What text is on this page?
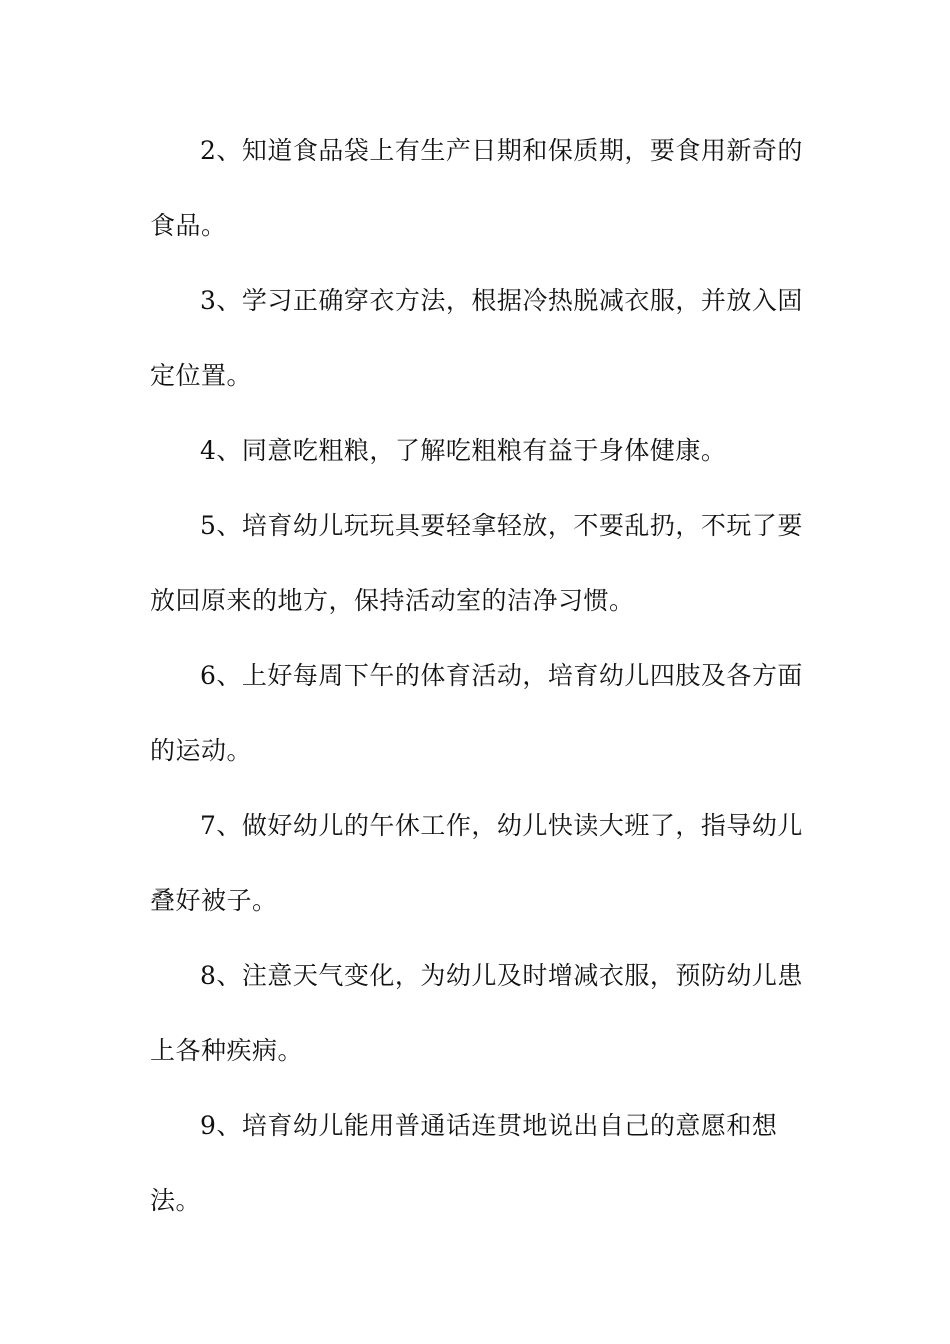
2、知道食品袋上有生产日期和保质期，要食用新奇的食品。

3、学习正确穿衣方法，根据冷热脱减衣服，并放入固定位置。

4、同意吃粗粮，了解吃粗粮有益于身体健康。

5、培育幼儿玩玩具要轻拿轻放，不要乱扔，不玩了要放回原来的地方，保持活动室的洁净习惯。

6、上好每周下午的体育活动，培育幼儿四肢及各方面的运动。

7、做好幼儿的午休工作，幼儿快读大班了，指导幼儿叠好被子。

8、注意天气变化，为幼儿及时增减衣服，预防幼儿患上各种疾病。

9、培育幼儿能用普通话连贯地说出自己的意愿和想法。
